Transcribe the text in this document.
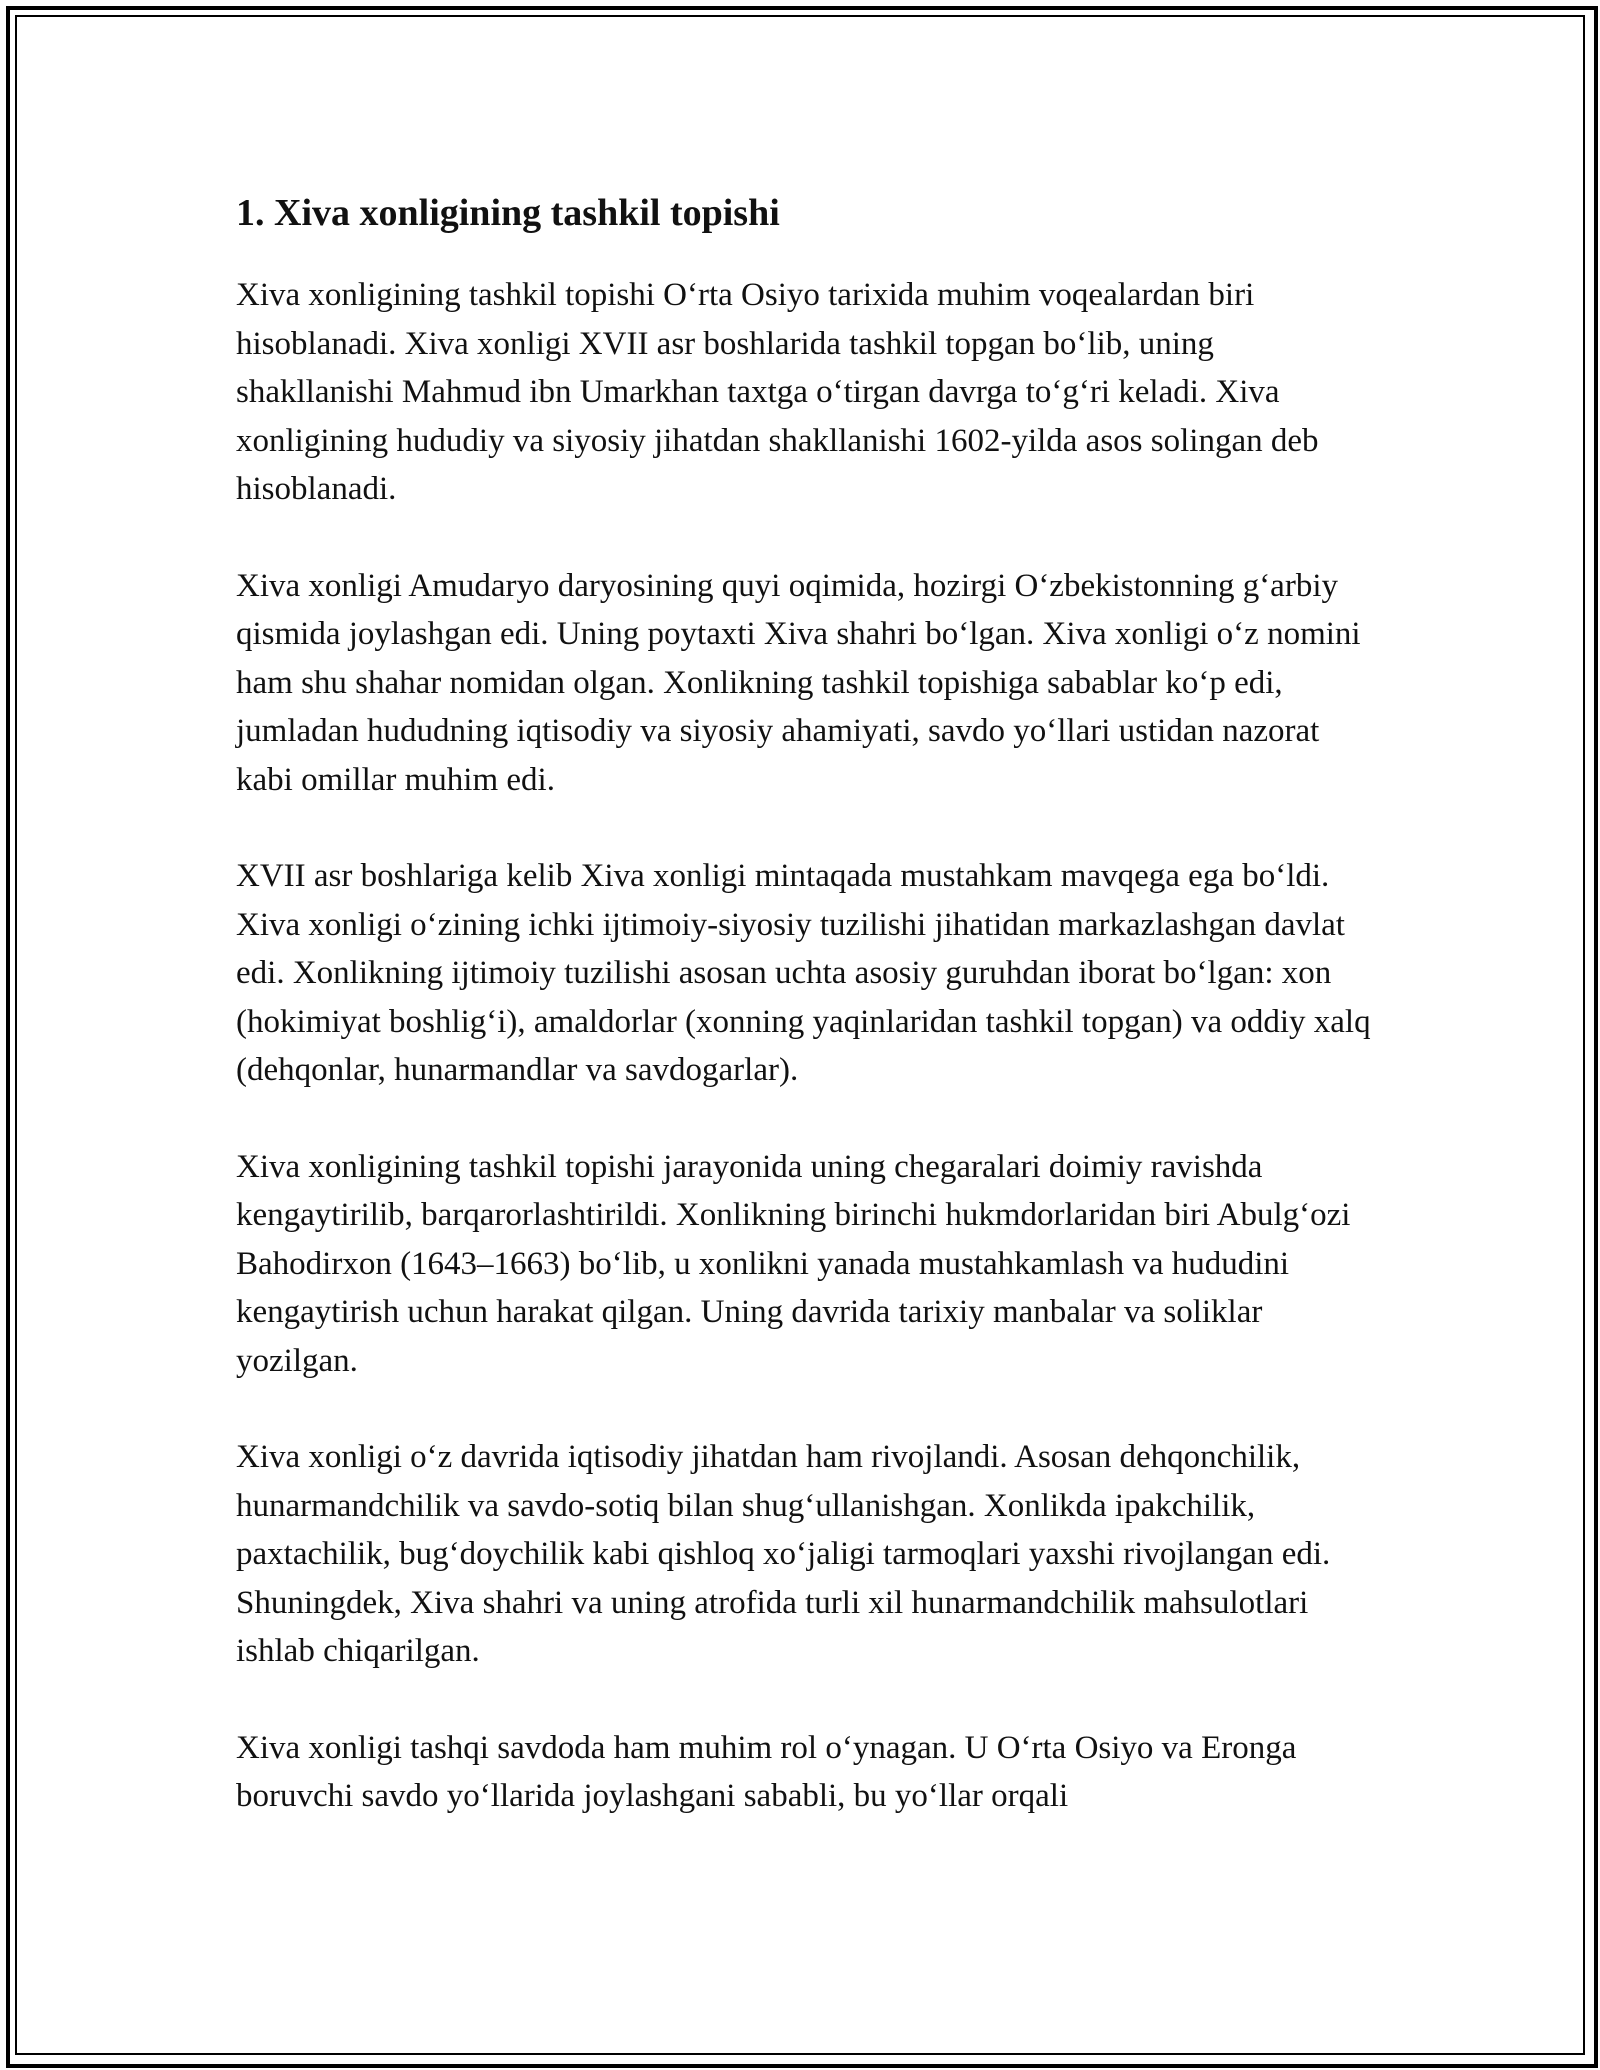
1. Xiva xonligining tashkil topishi

Xiva xonligining tashkil topishi O‘rta Osiyo tarixida muhim voqealardan biri hisoblanadi. Xiva xonligi XVII asr boshlarida tashkil topgan bo‘lib, uning shakllanishi Mahmud ibn Umarkhan taxtga o‘tirgan davrga to‘g‘ri keladi. Xiva xonligining hududiy va siyosiy jihatdan shakllanishi 1602-yilda asos solingan deb hisoblanadi.

Xiva xonligi Amudaryo daryosining quyi oqimida, hozirgi O‘zbekistonning g‘arbiy qismida joylashgan edi. Uning poytaxti Xiva shahri bo‘lgan. Xiva xonligi o‘z nomini ham shu shahar nomidan olgan. Xonlikning tashkil topishiga sabablar ko‘p edi, jumladan hududning iqtisodiy va siyosiy ahamiyati, savdo yo‘llari ustidan nazorat kabi omillar muhim edi.

XVII asr boshlariga kelib Xiva xonligi mintaqada mustahkam mavqega ega bo‘ldi. Xiva xonligi o‘zining ichki ijtimoiy-siyosiy tuzilishi jihatidan markazlashgan davlat edi. Xonlikning ijtimoiy tuzilishi asosan uchta asosiy guruhdan iborat bo‘lgan: xon (hokimiyat boshlig‘i), amaldorlar (xonning yaqinlaridan tashkil topgan) va oddiy xalq (dehqonlar, hunarmandlar va savdogarlar).

Xiva xonligining tashkil topishi jarayonida uning chegaralari doimiy ravishda kengaytirilib, barqarorlashtirildi. Xonlikning birinchi hukmdorlaridan biri Abulg‘ozi Bahodirxon (1643–1663) bo‘lib, u xonlikni yanada mustahkamlash va hududini kengaytirish uchun harakat qilgan. Uning davrida tarixiy manbalar va soliklar yozilgan.

Xiva xonligi o‘z davrida iqtisodiy jihatdan ham rivojlandi. Asosan dehqonchilik, hunarmandchilik va savdo-sotiq bilan shug‘ullanishgan. Xonlikda ipakchilik, paxtachilik, bug‘doychilik kabi qishloq xo‘jaligi tarmoqlari yaxshi rivojlangan edi. Shuningdek, Xiva shahri va uning atrofida turli xil hunarmandchilik mahsulotlari ishlab chiqarilgan.

Xiva xonligi tashqi savdoda ham muhim rol o‘ynagan. U O‘rta Osiyo va Eronga boruvchi savdo yo‘llarida joylashgani sababli, bu yo‘llar orqali
